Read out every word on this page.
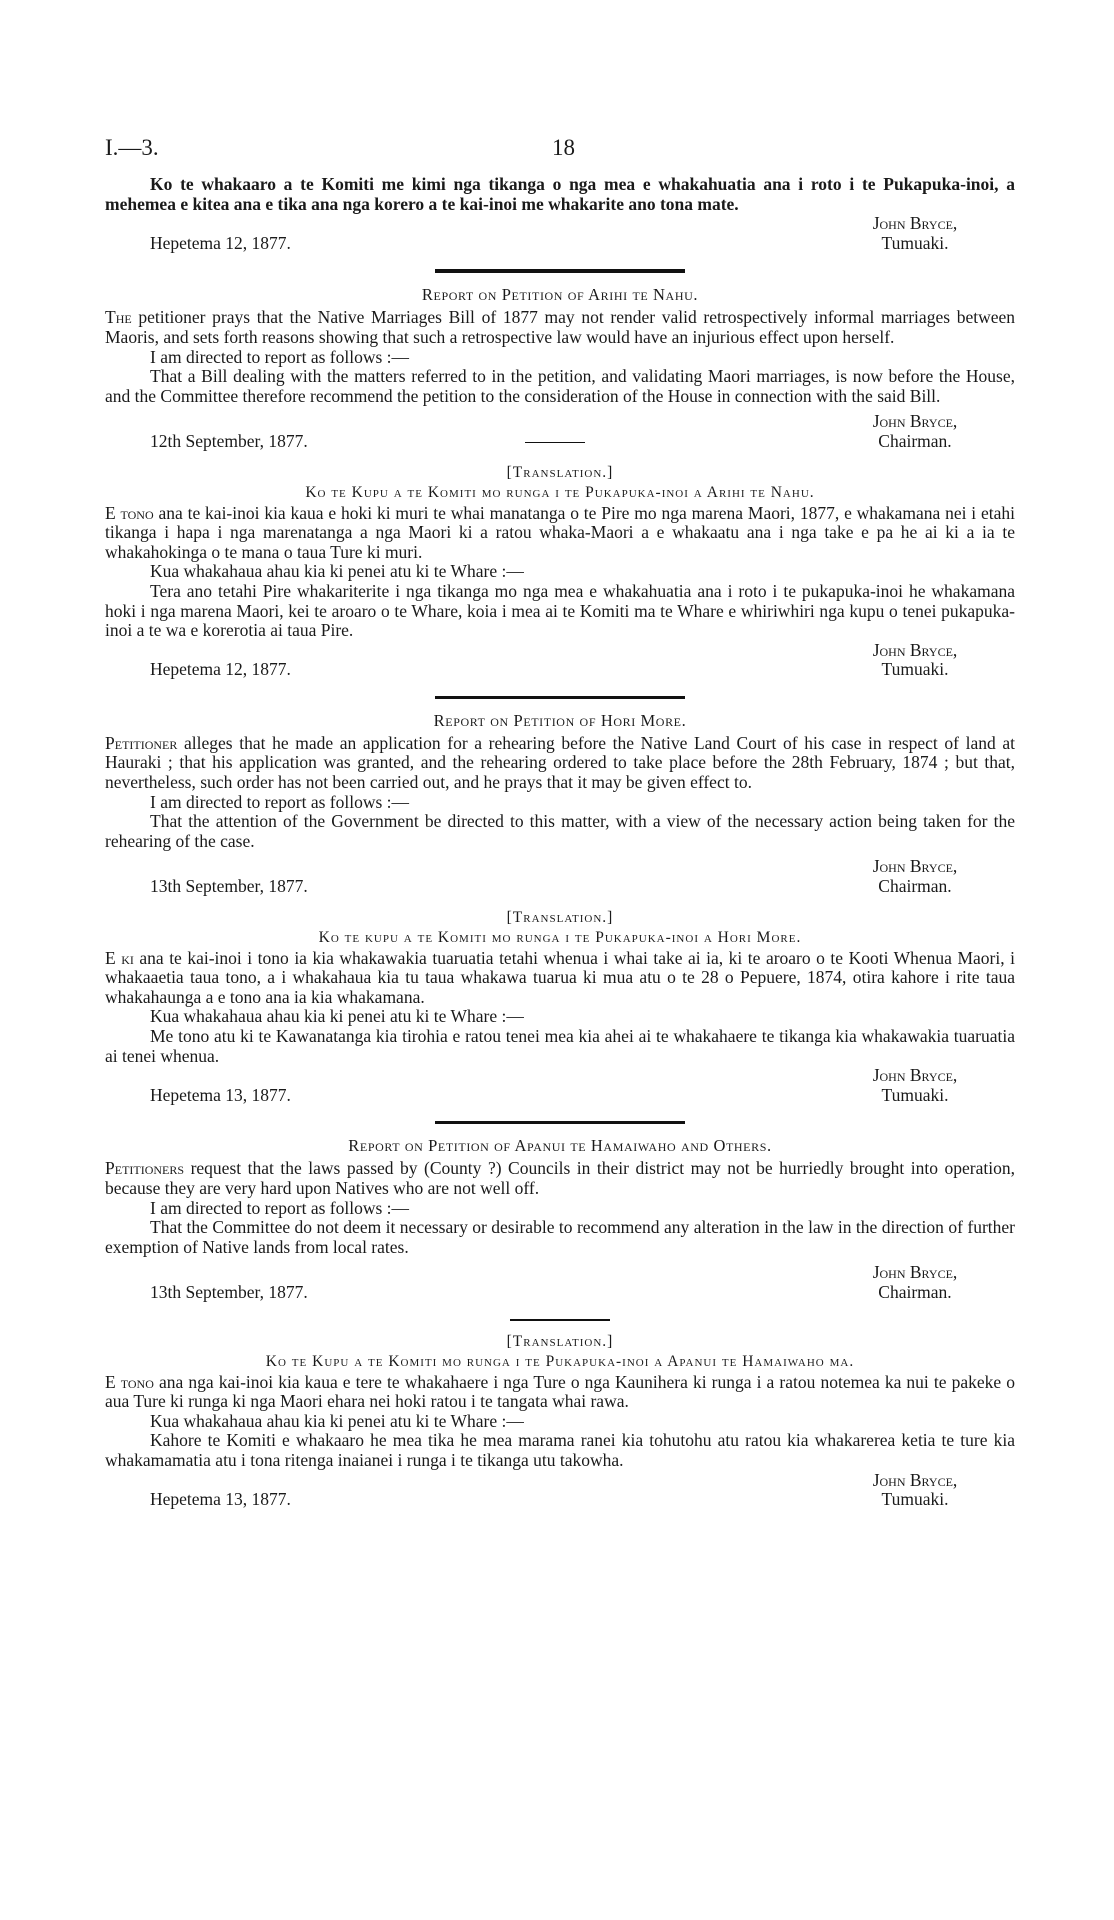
I.—3.	18

Ko te whakaaro a te Komiti me kimi nga tikanga o nga mea e whakahuatia ana i roto i te Pukapuka-inoi, a mehemea e kitea ana e tika ana nga korero a te kai-inoi me whakarite ano tona mate.

John Bryce,
Hepetema 12, 1877.	Tumuaki.
Report on Petition of Arihi te Nahu.

The petitioner prays that the Native Marriages Bill of 1877 may not render valid retrospectively informal marriages between Maoris, and sets forth reasons showing that such a retrospective law would have an injurious effect upon herself.

I am directed to report as follows :—

That a Bill dealing with the matters referred to in the petition, and validating Maori marriages, is now before the House, and the Committee therefore recommend the petition to the consideration of the House in connection with the said Bill.

John Bryce,
12th September, 1877.	Chairman.
[Translation.]
Ko te Kupu a te Komiti mo runga i te Pukapuka-inoi a Arihi te Nahu.

E tono ana te kai-inoi kia kaua e hoki ki muri te whai manatanga o te Pire mo nga marena Maori, 1877, e whakamana nei i etahi tikanga i hapa i nga marenatanga a nga Maori ki a ratou whaka-Maori a e whakaatu ana i nga take e pa he ai ki a ia te whakahokinga o te mana o taua Ture ki muri.

Kua whakahaua ahau kia ki penei atu ki te Whare :—

Tera ano tetahi Pire whakariterite i nga tikanga mo nga mea e whakahuatia ana i roto i te pukapuka-inoi he whakamana hoki i nga marena Maori, kei te aroaro o te Whare, koia i mea ai te Komiti ma te Whare e whiriwhiri nga kupu o tenei pukapuka-inoi a te wa e korerotia ai taua Pire.

John Bryce,
Hepetema 12, 1877.	Tumuaki.
Report on Petition of Hori More.

Petitioner alleges that he made an application for a rehearing before the Native Land Court of his case in respect of land at Hauraki ; that his application was granted, and the rehearing ordered to take place before the 28th February, 1874 ; but that, nevertheless, such order has not been carried out, and he prays that it may be given effect to.

I am directed to report as follows :—

That the attention of the Government be directed to this matter, with a view of the necessary action being taken for the rehearing of the case.

John Bryce,
13th September, 1877.	Chairman.
[Translation.]
Ko te kupu a te Komiti mo runga i te Pukapuka-inoi a Hori More.

E ki ana te kai-inoi i tono ia kia whakawakia tuaruatia tetahi whenua i whai take ai ia, ki te aroaro o te Kooti Whenua Maori, i whakaaetia taua tono, a i whakahaua kia tu taua whakawa tuarua ki mua atu o te 28 o Pepuere, 1874, otira kahore i rite taua whakahaunga a e tono ana ia kia whakamana.

Kua whakahaua ahau kia ki penei atu ki te Whare :—

Me tono atu ki te Kawanatanga kia tirohia e ratou tenei mea kia ahei ai te whakahaere te tikanga kia whakawakia tuaruatia ai tenei whenua.

John Bryce,
Hepetema 13, 1877.	Tumuaki.
Report on Petition of Apanui te Hamaiwaho and Others.

Petitioners request that the laws passed by (County ?) Councils in their district may not be hurriedly brought into operation, because they are very hard upon Natives who are not well off.

I am directed to report as follows :—

That the Committee do not deem it necessary or desirable to recommend any alteration in the law in the direction of further exemption of Native lands from local rates.

John Bryce,
13th September, 1877.	Chairman.
[Translation.]
Ko te Kupu a te Komiti mo runga i te Pukapuka-inoi a Apanui te Hamaiwaho ma.

E tono ana nga kai-inoi kia kaua e tere te whakahaere i nga Ture o nga Kaunihera ki runga i a ratou notemea ka nui te pakeke o aua Ture ki runga ki nga Maori ehara nei hoki ratou i te tangata whai rawa.

Kua whakahaua ahau kia ki penei atu ki te Whare :—

Kahore te Komiti e whakaaro he mea tika he mea marama ranei kia tohutohu atu ratou kia whakarerea ketia te ture kia whakamamatia atu i tona ritenga inaianei i runga i te tikanga utu takowha.

John Bryce,
Hepetema 13, 1877.	Tumuaki.
